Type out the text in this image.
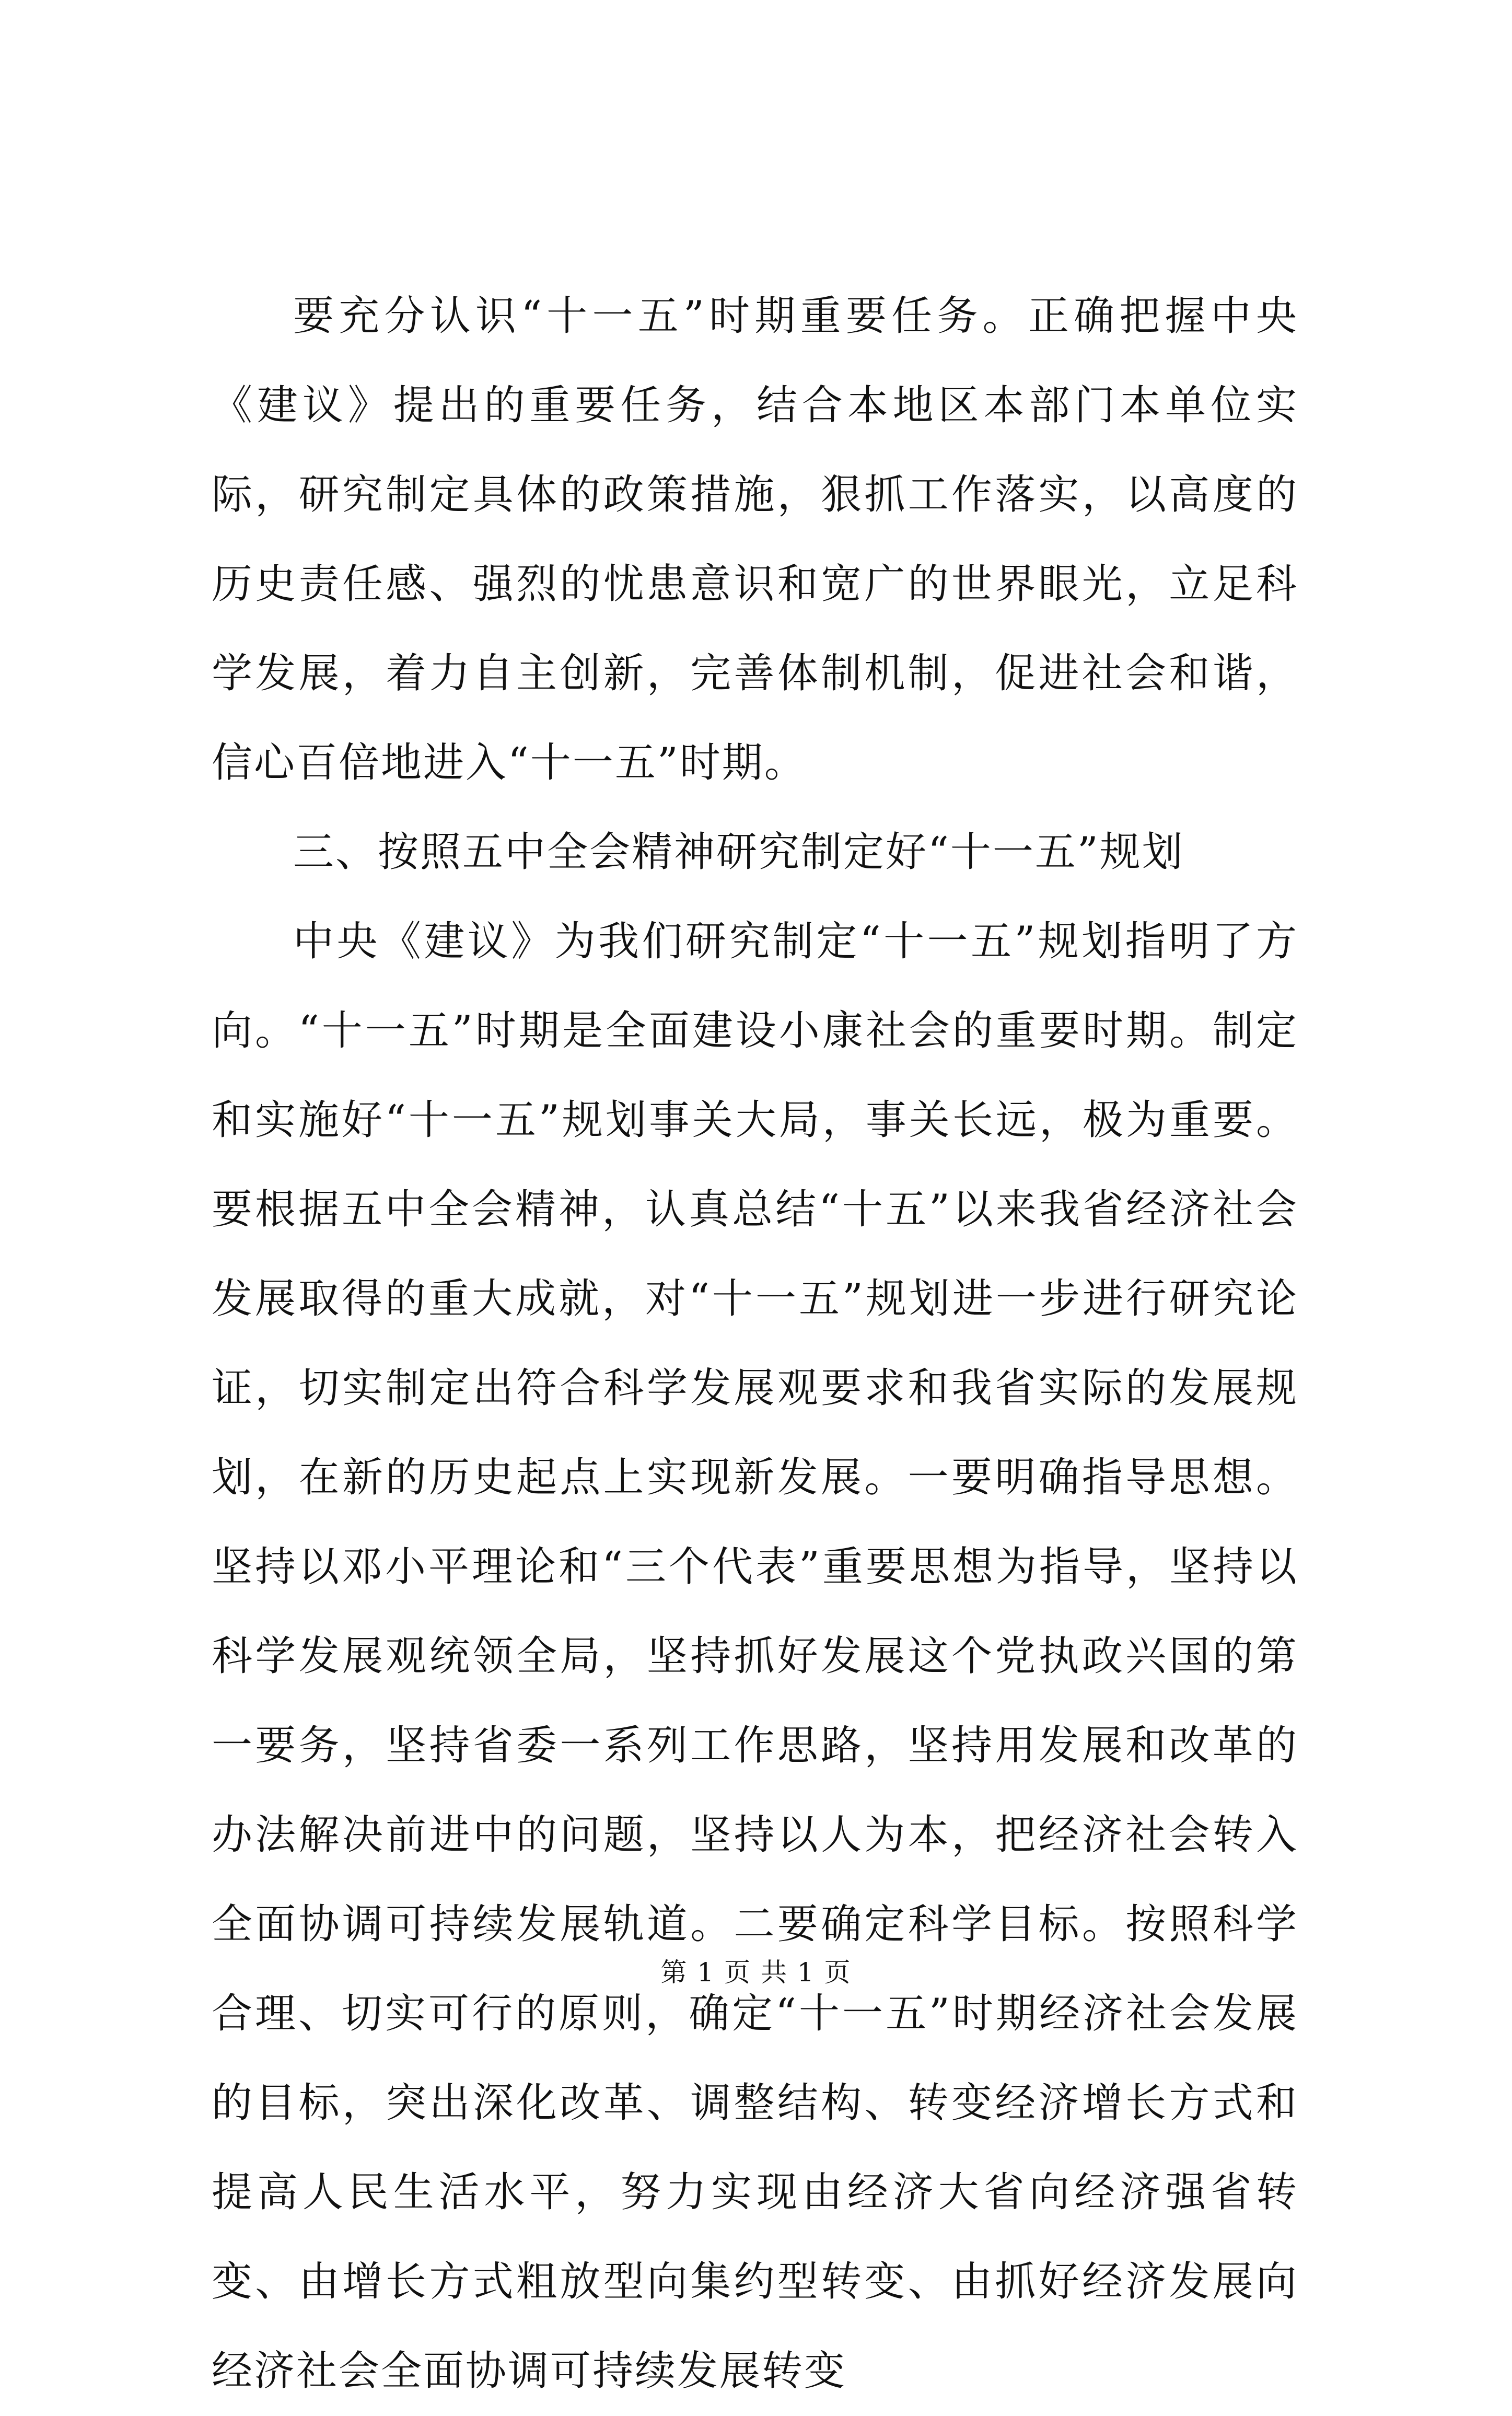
要充分认识“十一五”时期重要任务。正确把握中央《建议》提出的重要任务，结合本地区本部门本单位实际，研究制定具体的政策措施，狠抓工作落实，以高度的历史责任感、强烈的忧患意识和宽广的世界眼光，立足科学发展，着力自主创新，完善体制机制，促进社会和谐，信心百倍地进入“十一五”时期。

三、按照五中全会精神研究制定好“十一五”规划

中央《建议》为我们研究制定“十一五”规划指明了方向。“十一五”时期是全面建设小康社会的重要时期。制定和实施好“十一五”规划事关大局，事关长远，极为重要。要根据五中全会精神，认真总结“十五”以来我省经济社会发展取得的重大成就，对“十一五”规划进一步进行研究论证，切实制定出符合科学发展观要求和我省实际的发展规划，在新的历史起点上实现新发展。一要明确指导思想。坚持以邓小平理论和“三个代表”重要思想为指导，坚持以科学发展观统领全局，坚持抓好发展这个党执政兴国的第一要务，坚持省委一系列工作思路，坚持用发展和改革的办法解决前进中的问题，坚持以人为本，把经济社会转入全面协调可持续发展轨道。二要确定科学目标。按照科学合理、切实可行的原则，确定“十一五”时期经济社会发展的目标，突出深化改革、调整结构、转变经济增长方式和提高人民生活水平，努力实现由经济大省向经济强省转变、由增长方式粗放型向集约型转变、由抓好经济发展向经济社会全面协调可持续发展转变

第 1 页 共 1 页
